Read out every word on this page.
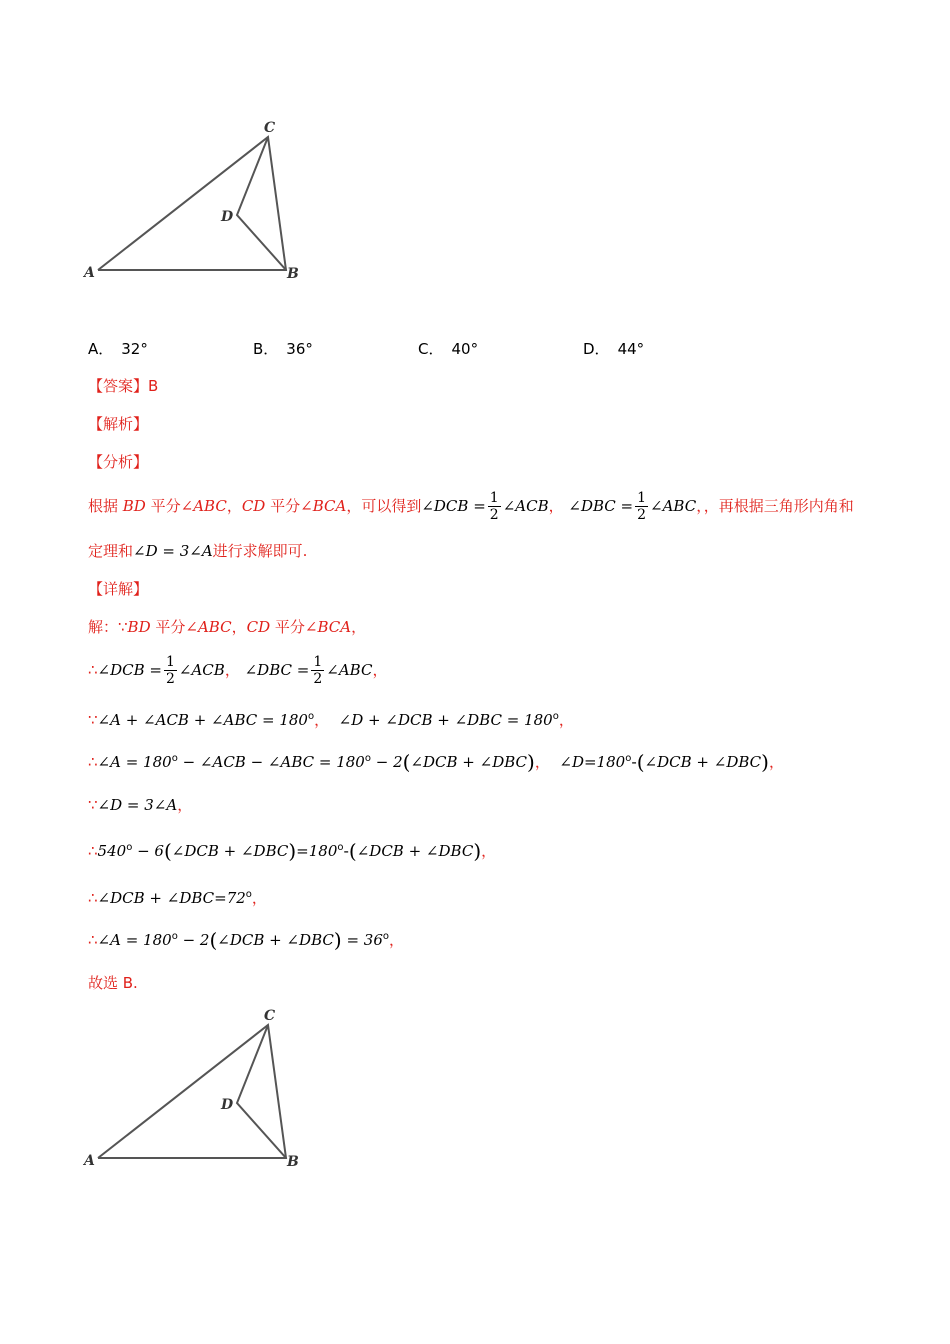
C
D
A	B
A． 32°	B． 36°	C． 40°	D． 44°
【答案】B
【解析】
【分析】
根据 BD 平分∠ABC，CD 平分∠BCA，可以得到∠DCB = $\frac{1}{2}$ ∠ACB， ∠DBC = $\frac{1}{2}$ ∠ABC，，再根据三角形内角和
定理和∠D = 3∠A进行求解即可.
【详解】
解：∵BD 平分∠ABC，CD 平分∠BCA，
∴∠DCB = $\frac{1}{2}$ ∠ACB， ∠DBC = $\frac{1}{2}$ ∠ABC，
∵∠A + ∠ACB + ∠ABC = $180^o$， ∠D + ∠DCB + ∠DBC = $180^o$，
∴∠A = $180^o$ − ∠ACB − ∠ABC = $180^o$ − 2(∠DCB + ∠DBC)， $\angle D=180^o-(\angle DCB$ + ∠DBC)，
∵∠D = 3∠A，
$\therefore 540^o$ − 6(∠DCB + $\angle DBC)=180^o-(\angle DCB$ + ∠DBC)，
∴∠DCB + $\angle DBC=72^o$，
∴∠A = $180^o$ − 2(∠DCB + ∠DBC) = $36^o$，
故选 B.
C
D
A	B
